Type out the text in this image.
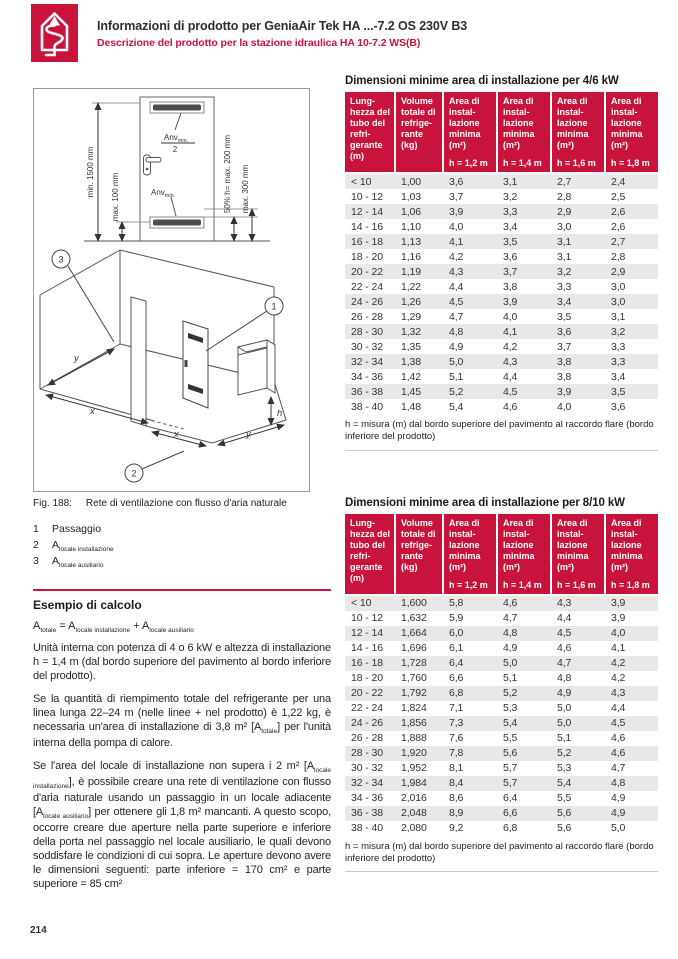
Informazioni di prodotto per GeniaAir Tek HA ...-7.2 OS 230V B3
Descrizione del prodotto per la stazione idraulica HA 10-7.2 WS(B)
Anv$_{min.}$
2
Anv$_{min.}$
min. 1500 mm max. 100 mm	50% h= max. 200 mm max. 300 mm
h
y
x
x	y
3
1
2
Fig. 188: Rete di ventilazione con flusso d'aria naturale
1	Passaggio
2	$A_{locale installazione}$
3	$A_{locale ausiliario}$
Esempio di calcolo
$A_{totale} = A_{locale installazione} + A_{locale ausiliario}$
Unità interna con potenza di 4 o 6 kW e altezza di installazione h = 1,4 m (dal bordo superiore del pavimento al bordo inferiore del prodotto).
Se la quantità di riempimento totale del refrigerante per una linea lunga 22–24 m (nelle linee + nel prodotto) è 1,22 kg, è necessaria un'area di installazione di 3,8 m² $[A_{totale}]$ per l'unità interna della pompa di calore.
Se l'area del locale di installazione non supera i 2 m² $[A_{locale installazione}]$, è possibile creare una rete di ventilazione con flusso d'aria naturale usando un passaggio in un locale adiacente $[A_{locale ausiliario}]$ per ottenere gli 1,8 m² mancanti. A questo scopo, occorre creare due aperture nella parte superiore e inferiore della porta nel passaggio nel locale ausiliario, le quali devono soddisfare le condizioni di cui sopra. Le aperture devono avere le dimensioni seguenti: parte inferiore = 170 cm² e parte superiore = 85 cm²
Dimensioni minime area di installazione per 4/6 kW
Lung-hezza del tubo del refri-gerante (m)

Volume totale di refrige-rante (kg)

Area di instal-lazione minima (m²)
h = 1,2 m

Area di instal-lazione minima (m²)
h = 1,4 m

Area di instal-lazione minima (m²)
h = 1,6 m

Area di instal-lazione minima (m²)
h = 1,8 m

< 10	1,00	3,6	3,1	2,7	2,4
10 - 12	1,03	3,7	3,2	2,8	2,5
12 - 14	1,06	3,9	3,3	2,9	2,6
14 - 16	1,10	4,0	3,4	3,0	2,6
16 - 18	1,13	4,1	3,5	3,1	2,7
18 - 20	1,16	4,2	3,6	3,1	2,8
20 - 22	1,19	4,3	3,7	3,2	2,9
22 - 24	1,22	4,4	3,8	3,3	3,0
24 - 26	1,26	4,5	3,9	3,4	3,0
26 - 28	1,29	4,7	4,0	3,5	3,1
28 - 30	1,32	4,8	4,1	3,6	3,2
30 - 32	1,35	4,9	4,2	3,7	3,3
32 - 34	1,38	5,0	4,3	3,8	3,3
34 - 36	1,42	5,1	4,4	3,8	3,4
36 - 38	1,45	5,2	4,5	3,9	3,5
38 - 40	1,48	5,4	4,6	4,0	3,6
h = misura (m) dal bordo superiore del pavimento al raccordo flare (bordo inferiore del prodotto)
Dimensioni minime area di installazione per 8/10 kW
Lung-hezza del tubo del refri-gerante (m)

Volume totale di refrige-rante (kg)

Area di instal-lazione minima (m²)
h = 1,2 m

Area di instal-lazione minima (m²)
h = 1,4 m

Area di instal-lazione minima (m²)
h = 1,6 m

Area di instal-lazione minima (m²)
h = 1,8 m

< 10	1,600	5,8	4,6	4,3	3,9
10 - 12	1,632	5,9	4,7	4,4	3,9
12 - 14	1,664	6,0	4,8	4,5	4,0
14 - 16	1,696	6,1	4,9	4,6	4,1
16 - 18	1,728	6,4	5,0	4,7	4,2
18 - 20	1,760	6,6	5,1	4,8	4,2
20 - 22	1,792	6,8	5,2	4,9	4,3
22 - 24	1,824	7,1	5,3	5,0	4,4
24 - 26	1,856	7,3	5,4	5,0	4,5
26 - 28	1,888	7,6	5,5	5,1	4,6
28 - 30	1,920	7,8	5,6	5,2	4,6
30 - 32	1,952	8,1	5,7	5,3	4,7
32 - 34	1,984	8,4	5,7	5,4	4,8
34 - 36	2,016	8,6	6,4	5,5	4,9
36 - 38	2,048	8,9	6,6	5,6	4,9
38 - 40	2,080	9,2	6,8	5,6	5,0
h = misura (m) dal bordo superiore del pavimento al raccordo flare (bordo inferiore del prodotto)
214
